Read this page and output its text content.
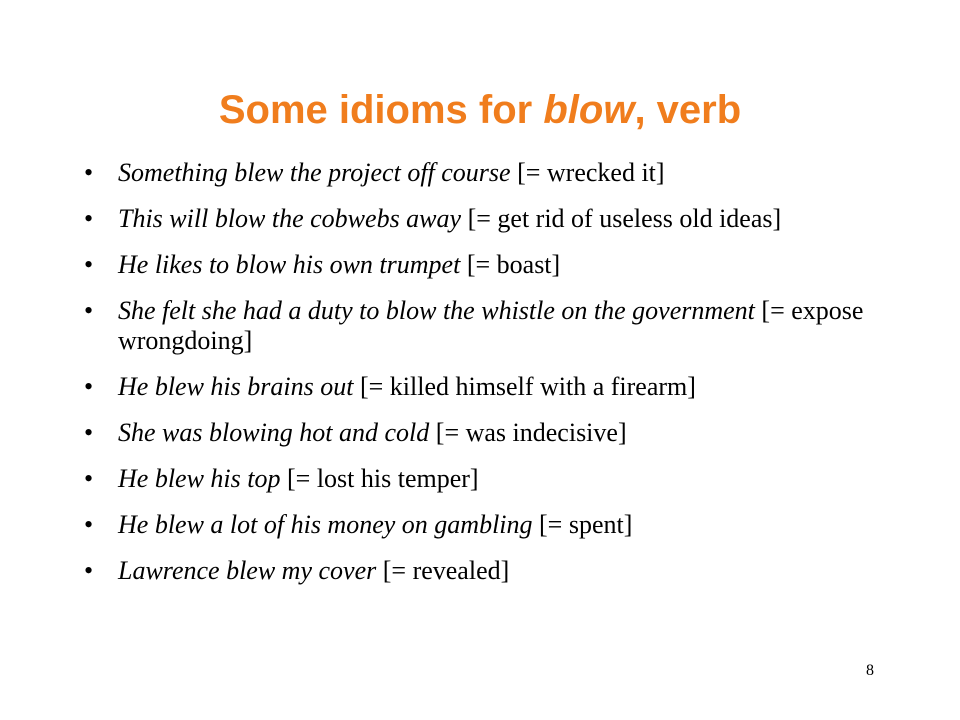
Some idioms for blow, verb
• Something blew the project off course [= wrecked it]
• This will blow the cobwebs away [= get rid of useless old ideas]
• He likes to blow his own trumpet [= boast]
• She felt she had a duty to blow the whistle on the government [= expose wrongdoing]
• He blew his brains out [= killed himself with a firearm]
• She was blowing hot and cold [= was indecisive]
• He blew his top [= lost his temper]
• He blew a lot of his money on gambling [= spent]
• Lawrence blew my cover [= revealed]
8
